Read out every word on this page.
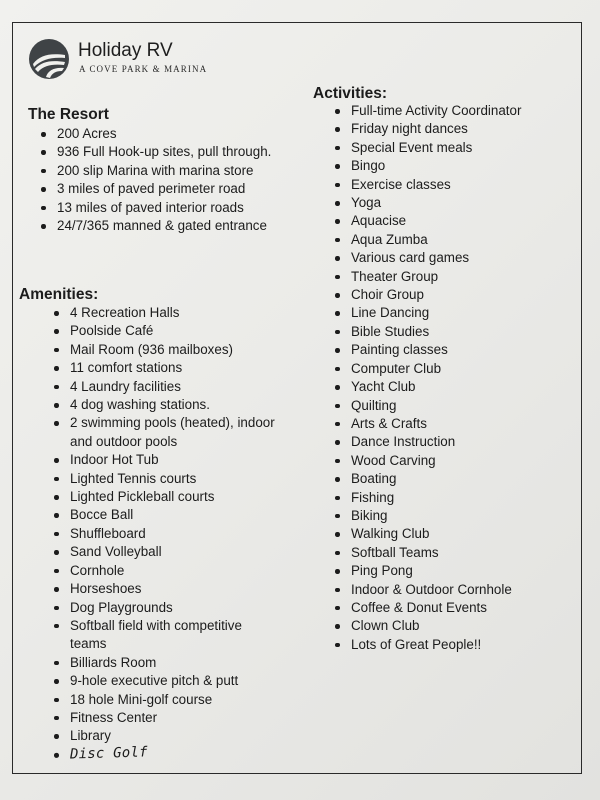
Holiday RV
A COVE PARK & MARINA
The Resort
200 Acres
936 Full Hook-up sites, pull through.
200 slip Marina with marina store
3 miles of paved perimeter road
13 miles of paved interior roads
24/7/365 manned & gated entrance
Amenities:
4 Recreation Halls
Poolside Café
Mail Room (936 mailboxes)
11 comfort stations
4 Laundry facilities
4 dog washing stations.
2 swimming pools (heated), indoor and outdoor pools
Indoor Hot Tub
Lighted Tennis courts
Lighted Pickleball courts
Bocce Ball
Shuffleboard
Sand Volleyball
Cornhole
Horseshoes
Dog Playgrounds
Softball field with competitive teams
Billiards Room
9-hole executive pitch & putt
18 hole Mini-golf course
Fitness Center
Library
Disc Golf
Activities:
Full-time Activity Coordinator
Friday night dances
Special Event meals
Bingo
Exercise classes
Yoga
Aquacise
Aqua Zumba
Various card games
Theater Group
Choir Group
Line Dancing
Bible Studies
Painting classes
Computer Club
Yacht Club
Quilting
Arts & Crafts
Dance Instruction
Wood Carving
Boating
Fishing
Biking
Walking Club
Softball Teams
Ping Pong
Indoor & Outdoor Cornhole
Coffee & Donut Events
Clown Club
Lots of Great People!!
